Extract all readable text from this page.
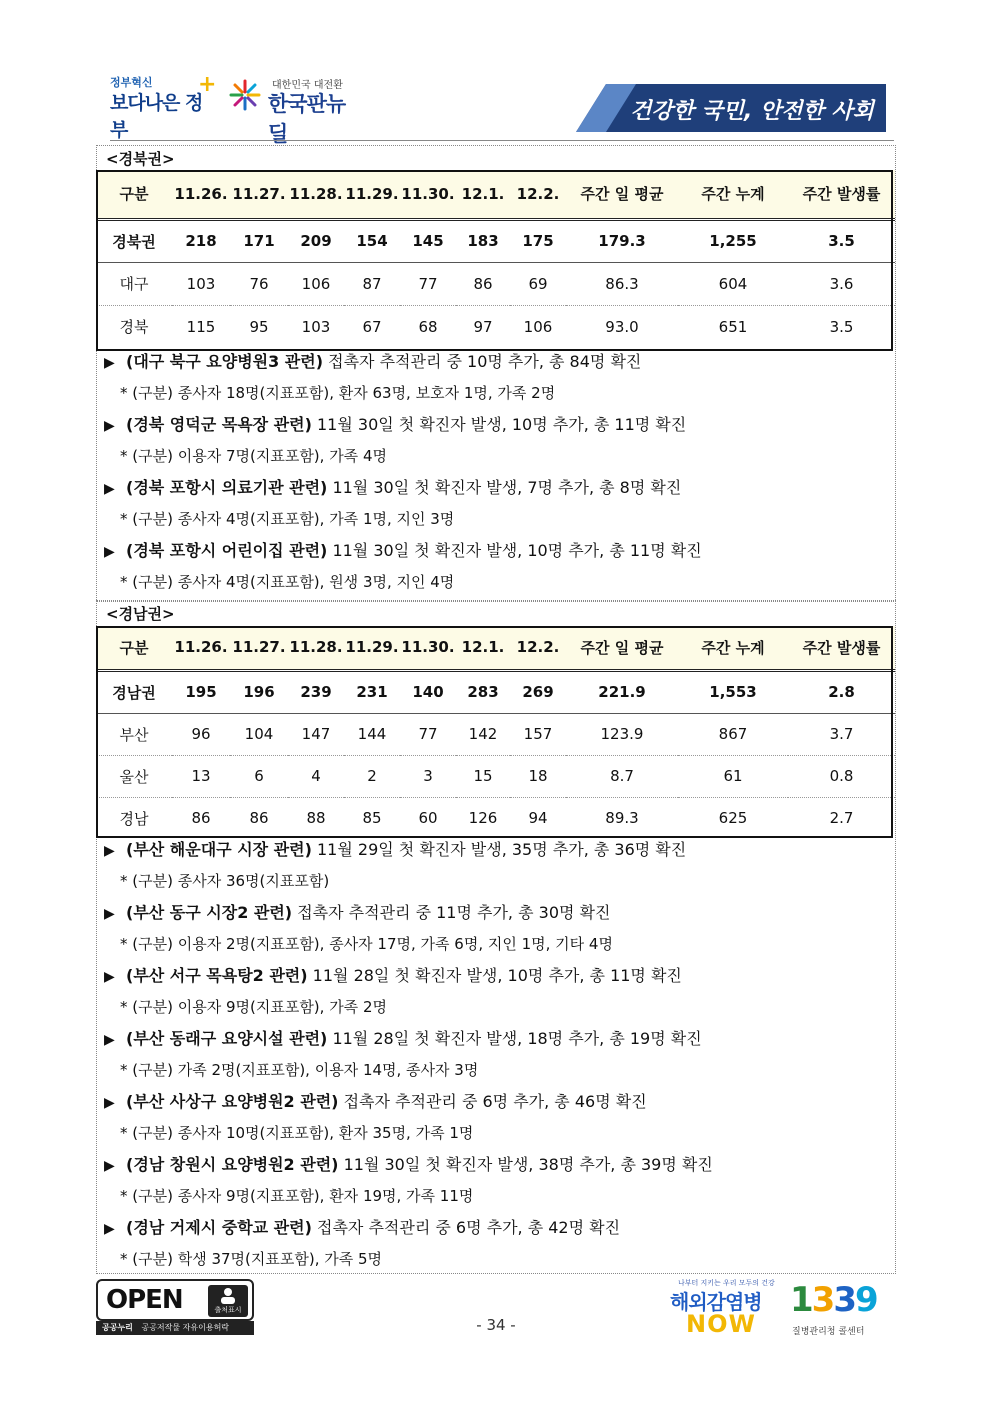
정부혁신
보다나은 정부
+	대한민국 대전환
한국판뉴딜
건강한 국민, 안전한 사회
<경북권>
구분	11.26.	11.27.	11.28.	11.29.	11.30.	12.1.	12.2.	주간 일 평균	주간 누계	주간 발생률
경북권	218	171	209	154	145	183	175	179.3	1,255	3.5
대구	103	76	106	87	77	86	69	86.3	604	3.6
경북	115	95	103	67	68	97	106	93.0	651	3.5
▶ (대구 북구 요양병원3 관련) 접촉자 추적관리 중 10명 추가, 총 84명 확진
* (구분) 종사자 18명(지표포함), 환자 63명, 보호자 1명, 가족 2명
▶ (경북 영덕군 목욕장 관련) 11월 30일 첫 확진자 발생, 10명 추가, 총 11명 확진
* (구분) 이용자 7명(지표포함), 가족 4명
▶ (경북 포항시 의료기관 관련) 11월 30일 첫 확진자 발생, 7명 추가, 총 8명 확진
* (구분) 종사자 4명(지표포함), 가족 1명, 지인 3명
▶ (경북 포항시 어린이집 관련) 11월 30일 첫 확진자 발생, 10명 추가, 총 11명 확진
* (구분) 종사자 4명(지표포함), 원생 3명, 지인 4명
<경남권>
구분	11.26.	11.27.	11.28.	11.29.	11.30.	12.1.	12.2.	주간 일 평균	주간 누계	주간 발생률
경남권	195	196	239	231	140	283	269	221.9	1,553	2.8
부산	96	104	147	144	77	142	157	123.9	867	3.7
울산	13	6	4	2	3	15	18	8.7	61	0.8
경남	86	86	88	85	60	126	94	89.3	625	2.7
▶ (부산 해운대구 시장 관련) 11월 29일 첫 확진자 발생, 35명 추가, 총 36명 확진
* (구분) 종사자 36명(지표포함)
▶ (부산 동구 시장2 관련) 접촉자 추적관리 중 11명 추가, 총 30명 확진
* (구분) 이용자 2명(지표포함), 종사자 17명, 가족 6명, 지인 1명, 기타 4명
▶ (부산 서구 목욕탕2 관련) 11월 28일 첫 확진자 발생, 10명 추가, 총 11명 확진
* (구분) 이용자 9명(지표포함), 가족 2명
▶ (부산 동래구 요양시설 관련) 11월 28일 첫 확진자 발생, 18명 추가, 총 19명 확진
* (구분) 가족 2명(지표포함), 이용자 14명, 종사자 3명
▶ (부산 사상구 요양병원2 관련) 접촉자 추적관리 중 6명 추가, 총 46명 확진
* (구분) 종사자 10명(지표포함), 환자 35명, 가족 1명
▶ (경남 창원시 요양병원2 관련) 11월 30일 첫 확진자 발생, 38명 추가, 총 39명 확진
* (구분) 종사자 9명(지표포함), 환자 19명, 가족 11명
▶ (경남 거제시 중학교 관련) 접촉자 추적관리 중 6명 추가, 총 42명 확진
* (구분) 학생 37명(지표포함), 가족 5명
OPEN	출처표시
공공누리 공공저작물 자유이용허락	- 34 -
나부터 지키는 우리 모두의 건강
해외감염병
NOW
1339
질병관리청 콜센터
